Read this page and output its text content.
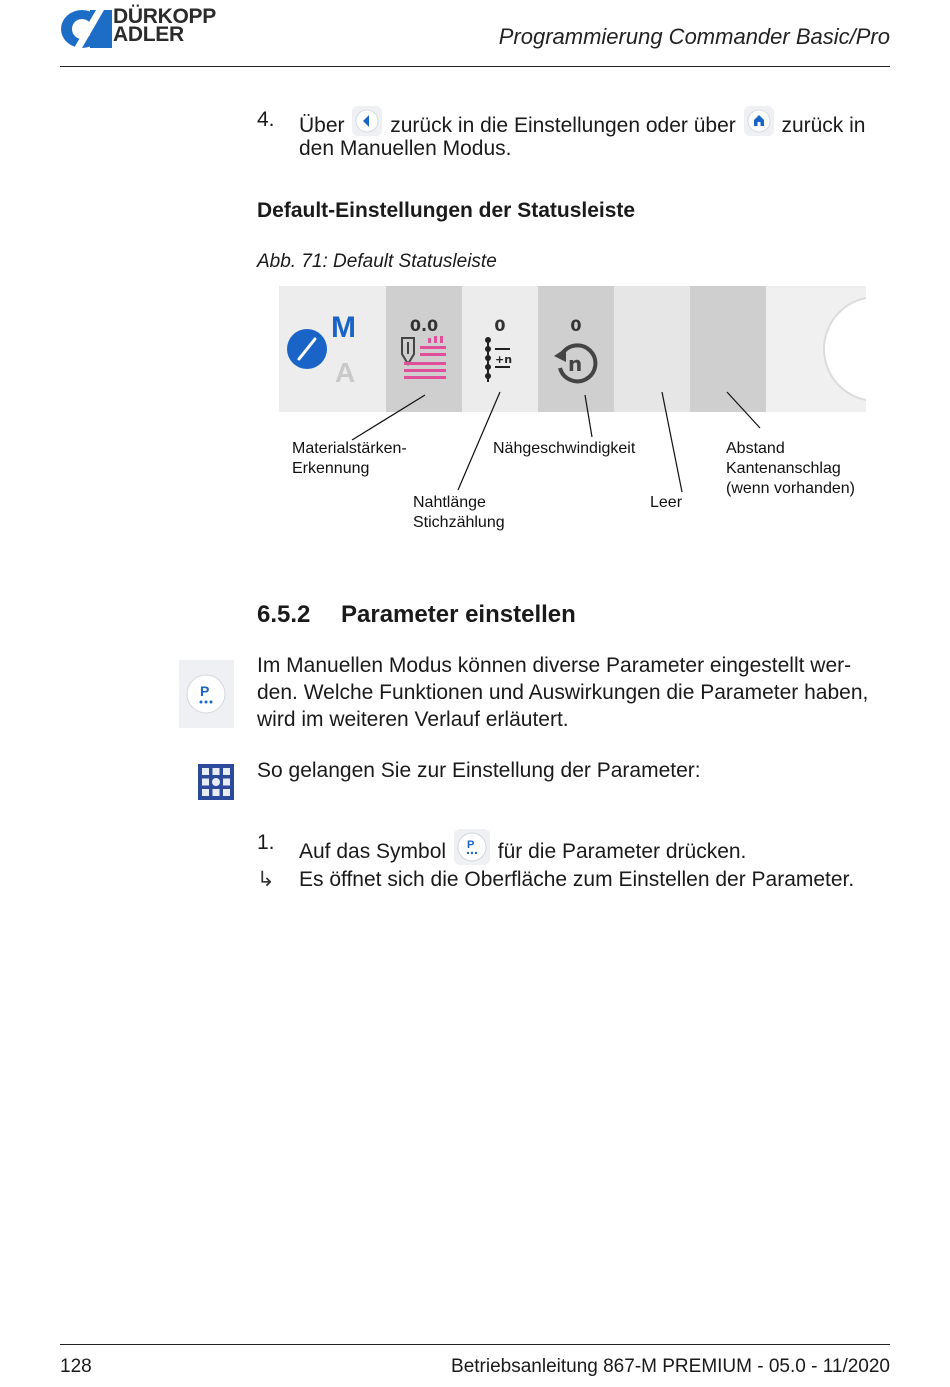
DÜRKOPP
ADLER	Programmierung Commander Basic/Pro
4. Über zurück in die Einstellungen oder über zurück in
den Manuellen Modus.
Default-Einstellungen der Statusleiste
Abb. 71: Default Statusleiste
M
A
0.0	0
+n
0
n
Materialstärken-
Erkennung
Nahtlänge
Stichzählung
Nähgeschwindigkeit
Leer
Abstand
Kantenanschlag
(wenn vorhanden)
6.5.2 Parameter einstellen
P
Im Manuellen Modus können diverse Parameter eingestellt wer-
den. Welche Funktionen und Auswirkungen die Parameter haben,
wird im weiteren Verlauf erläutert.
So gelangen Sie zur Einstellung der Parameter:
1. Auf das Symbol P für die Parameter drücken.
↳ Es öffnet sich die Oberfläche zum Einstellen der Parameter.
128	Betriebsanleitung 867-M PREMIUM - 05.0 - 11/2020
